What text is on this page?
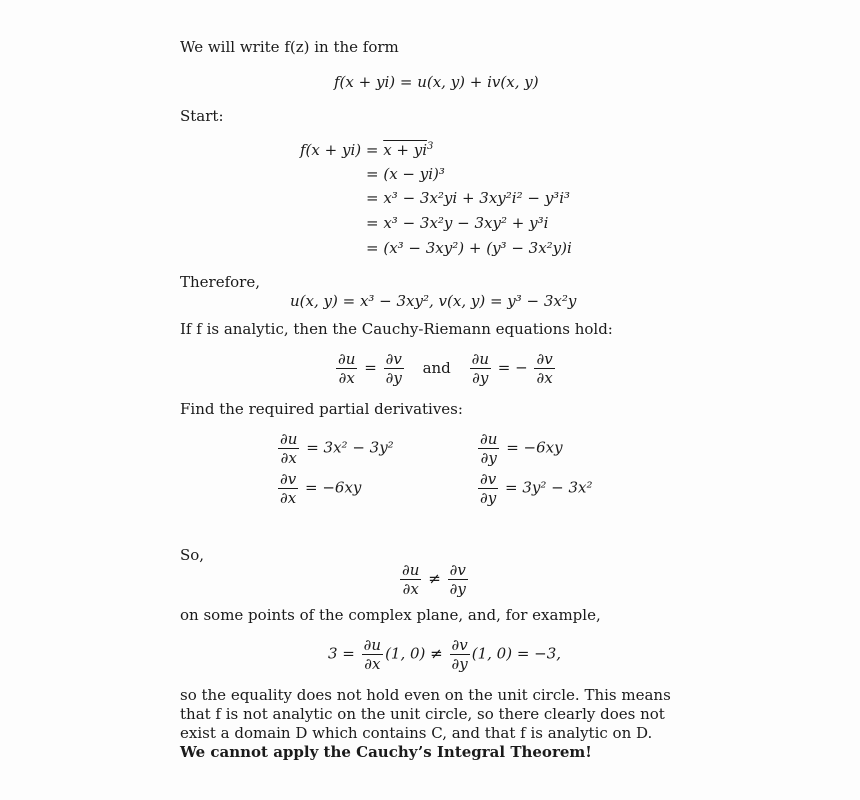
We will write f(z) in the form
f(x + yi) = u(x, y) + iv(x, y)
Start:
$f(x + yi) = x + yi^3$
= (x − yi)³
= x³ − 3x²yi + 3xy²i² − y³i³
= x³ − 3x²y − 3xy² + y³i
= (x³ − 3xy²) + (y³ − 3x²y)i
Therefore,
u(x, y) = x³ − 3xy², v(x, y) = y³ − 3x²y
If f is analytic, then the Cauchy-Riemann equations hold:
$\frac{\partial u}{\partial x} = \frac{\partial v}{\partial y}$ and $\frac{\partial u}{\partial y}$ = − $\frac{\partial v}{\partial x}$
Find the required partial derivatives:
$\frac{\partial u}{\partial x} = 3x^2 - 3y^2$	$\frac{\partial u}{\partial y} = -6xy$
$\frac{\partial v}{\partial x} = -6xy$	$\frac{\partial v}{\partial y} = 3y^2 - 3x^2$
So,
$\frac{\partial u}{\partial x} \ne \frac{\partial v}{\partial y}$
on some points of the complex plane, and, for example,
$3 = \frac{\partial u}{\partial x} (1$, $0) \ne \frac{\partial v}{\partial y} (1$, 0) = −3,
so the equality does not hold even on the unit circle. This means that f is not analytic on the unit circle, so there clearly does not exist a domain D which contains C, and that f is analytic on D. We cannot apply the Cauchy’s Integral Theorem!
